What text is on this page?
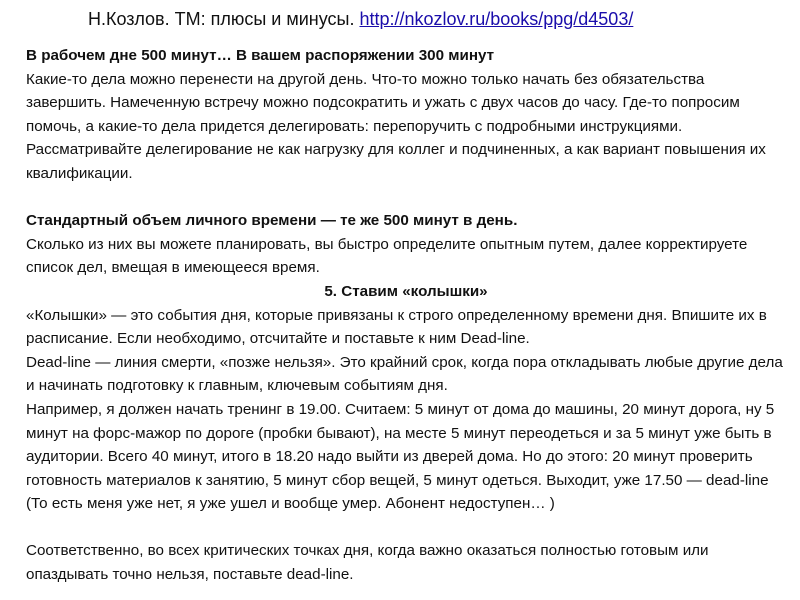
Н.Козлов. ТМ: плюсы и минусы. http://nkozlov.ru/books/ppg/d4503/

В рабочем дне 500 минут… В вашем распоряжении 300 минут

Какие-то дела можно перенести на другой день. Что-то можно только начать без обязательства завершить. Намеченную встречу можно подсократить и ужать с двух часов до часу. Где-то попросим помочь, а какие-то дела придется делегировать: перепоручить с подробными инструкциями. Рассматривайте делегирование не как нагрузку для коллег и подчиненных, а как вариант повышения их квалификации.

Стандартный объем личного времени — те же 500 минут в день.

Сколько из них вы можете планировать, вы быстро определите опытным путем, далее корректируете список дел, вмещая в имеющееся время.

5. Ставим «колышки»

«Колышки» — это события дня, которые привязаны к строго определенному времени дня. Впишите их в расписание. Если необходимо, отсчитайте и поставьте к ним Dead-line.

Dead-line — линия смерти, «позже нельзя». Это крайний срок, когда пора откладывать любые другие дела и начинать подготовку к главным, ключевым событиям дня.

Например, я должен начать тренинг в 19.00. Считаем: 5 минут от дома до машины, 20 минут дорога, ну 5 минут на форс-мажор по дороге (пробки бывают), на месте 5 минут переодеться и за 5 минут уже быть в аудитории. Всего 40 минут, итого в 18.20 надо выйти из дверей дома. Но до этого: 20 минут проверить готовность материалов к занятию, 5 минут сбор вещей, 5 минут одеться. Выходит, уже 17.50 — dead-line (То есть меня уже нет, я уже ушел и вообще умер. Абонент недоступен… )

Соответственно, во всех критических точках дня, когда важно оказаться полностью готовым или опаздывать точно нельзя, поставьте dead-line.
